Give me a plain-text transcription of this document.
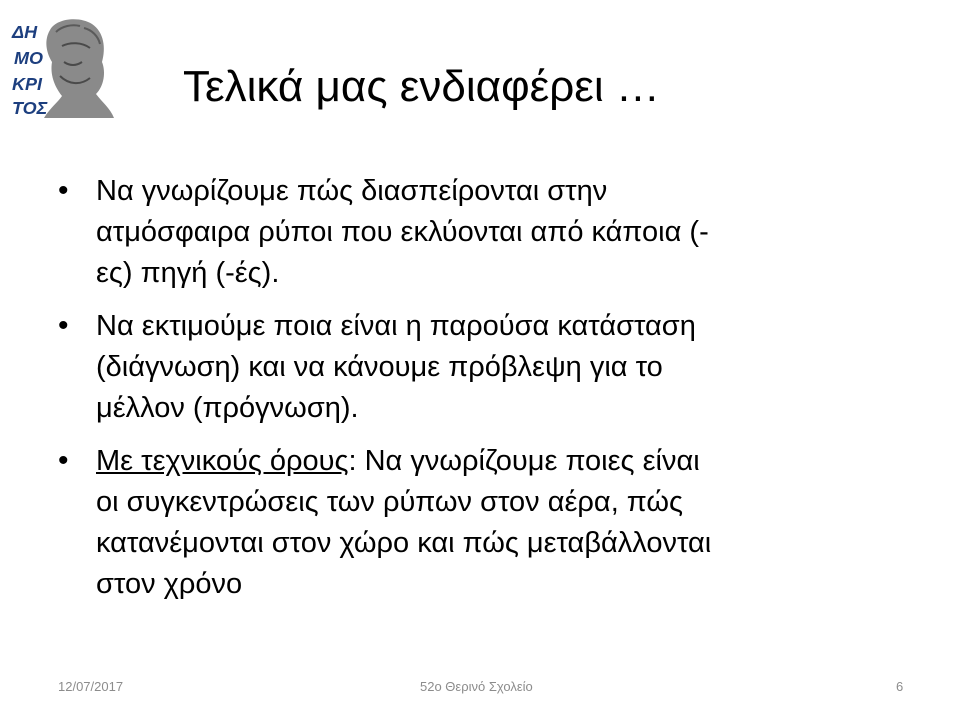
ΔΗ
ΜΟ
ΚΡΙ
ΤΟΣ	Τελικά μας ενδιαφέρει …
• Να γνωρίζουμε πώς διασπείρονται στην
ατμόσφαιρα ρύποι που εκλύονται από κάποια (-
ες) πηγή (-ές).
• Να εκτιμούμε ποια είναι η παρούσα κατάσταση
(διάγνωση) και να κάνουμε πρόβλεψη για το
μέλλον (πρόγνωση).
• Με τεχνικούς όρους: Να γνωρίζουμε ποιες είναι
οι συγκεντρώσεις των ρύπων στον αέρα, πώς
κατανέμονται στον χώρο και πώς μεταβάλλονται
στον χρόνο
12/07/2017	52ο Θερινό Σχολείο	6
